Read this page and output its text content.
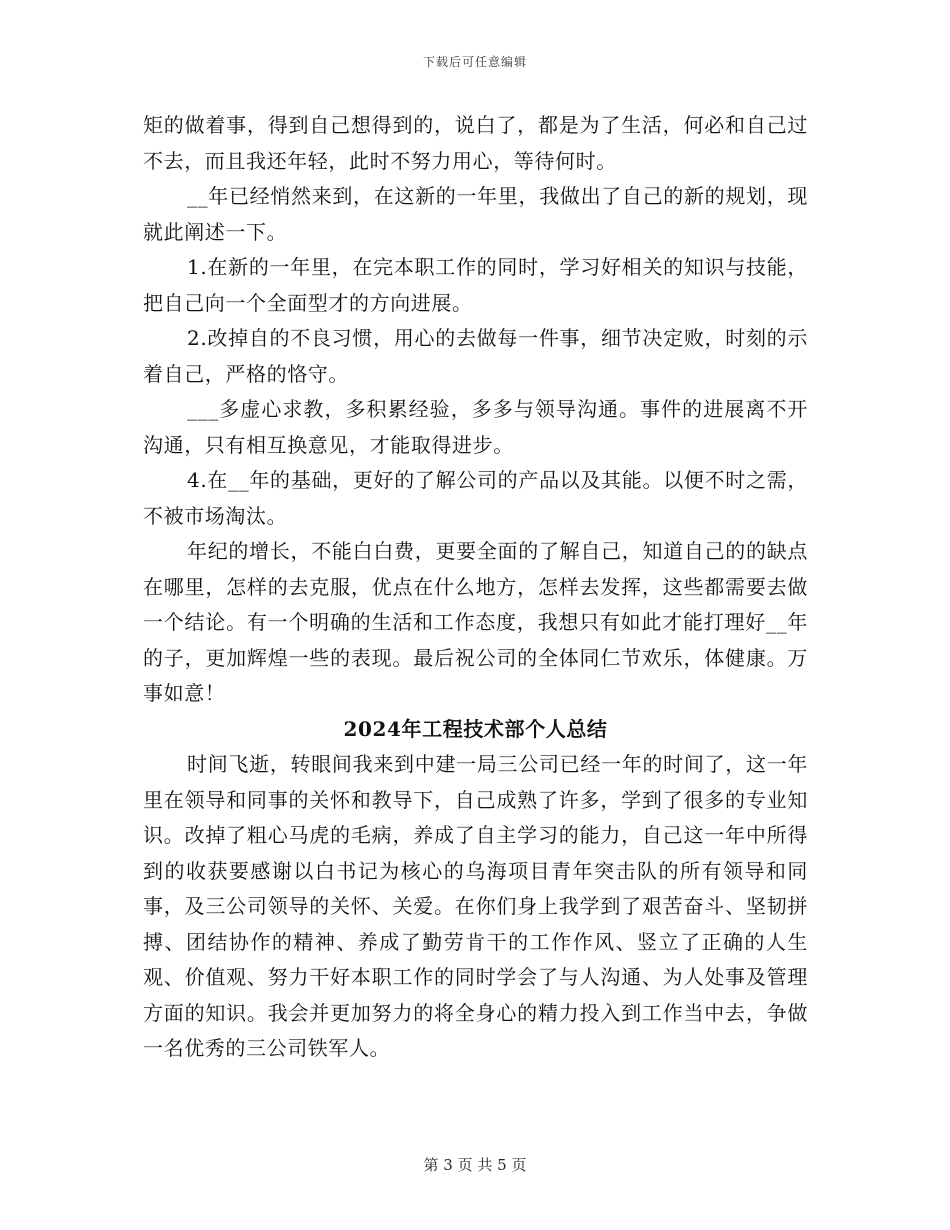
下载后可任意编辑

矩的做着事，得到自己想得到的，说白了，都是为了生活，何必和自己过不去，而且我还年轻，此时不努力用心，等待何时。

__年已经悄然来到，在这新的一年里，我做出了自己的新的规划，现就此阐述一下。

1.在新的一年里，在完本职工作的同时，学习好相关的知识与技能，把自己向一个全面型才的方向进展。

2.改掉自的不良习惯，用心的去做每一件事，细节决定败，时刻的示着自己，严格的恪守。

___多虚心求教，多积累经验，多多与领导沟通。事件的进展离不开沟通，只有相互换意见，才能取得进步。

4.在__年的基础，更好的了解公司的产品以及其能。以便不时之需，不被市场淘汰。

年纪的增长，不能白白费，更要全面的了解自己，知道自己的的缺点在哪里，怎样的去克服，优点在什么地方，怎样去发挥，这些都需要去做一个结论。有一个明确的生活和工作态度，我想只有如此才能打理好__年的子，更加辉煌一些的表现。最后祝公司的全体同仁节欢乐，体健康。万事如意！

2024年工程技术部个人总结

时间飞逝，转眼间我来到中建一局三公司已经一年的时间了，这一年里在领导和同事的关怀和教导下，自己成熟了许多，学到了很多的专业知识。改掉了粗心马虎的毛病，养成了自主学习的能力，自己这一年中所得到的收获要感谢以白书记为核心的乌海项目青年突击队的所有领导和同事，及三公司领导的关怀、关爱。在你们身上我学到了艰苦奋斗、坚韧拼搏、团结协作的精神、养成了勤劳肯干的工作作风、竖立了正确的人生观、价值观、努力干好本职工作的同时学会了与人沟通、为人处事及管理方面的知识。我会并更加努力的将全身心的精力投入到工作当中去，争做一名优秀的三公司铁军人。

第 3 页 共 5 页
